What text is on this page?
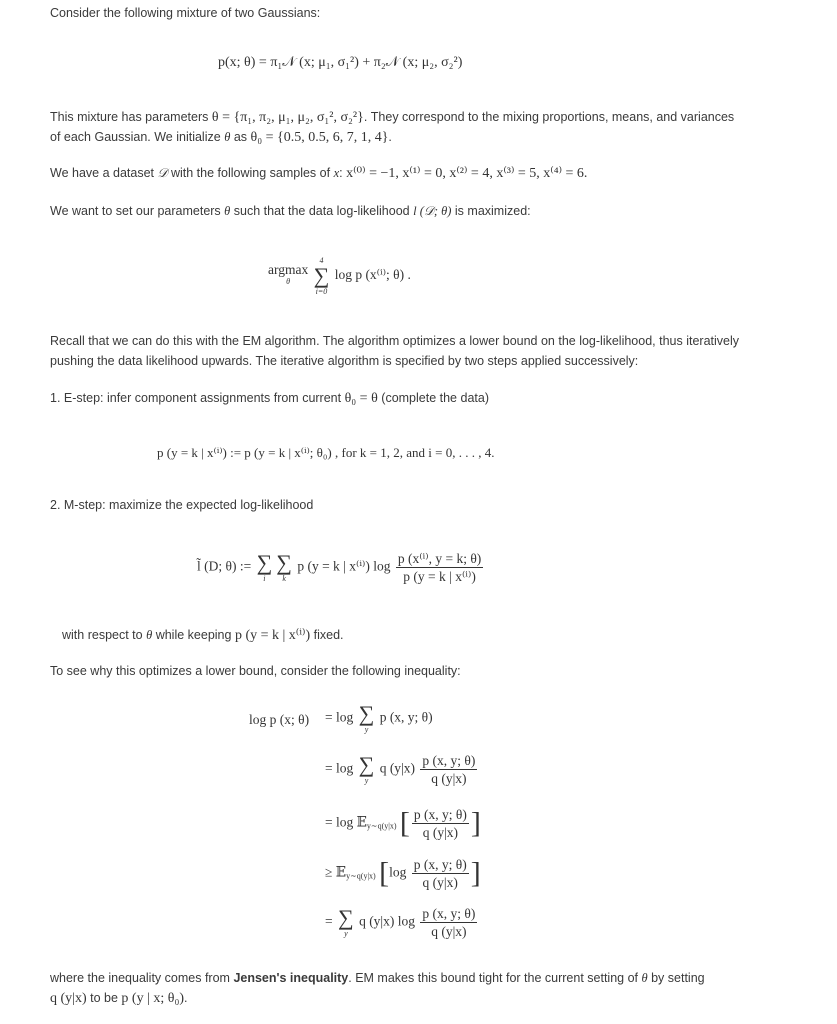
Consider the following mixture of two Gaussians:
p(x; θ) = π₁𝒩 (x; μ₁, σ₁²) + π₂𝒩 (x; μ₂, σ₂²)
This mixture has parameters θ = {π₁, π₂, μ₁, μ₂, σ₁², σ₂²}. They correspond to the mixing proportions, means, and variances
of each Gaussian. We initialize θ as θ₀ = {0.5, 0.5, 6, 7, 1, 4}.
We have a dataset 𝒟 with the following samples of x: x⁽⁰⁾ = −1, x⁽¹⁾ = 0, x⁽²⁾ = 4, x⁽³⁾ = 5, x⁽⁴⁾ = 6.
We want to set our parameters θ such that the data log-likelihood l (𝒟; θ) is maximized:
argmax
θ

4
∑
i=0
log p (x⁽ⁱ⁾; θ) .
Recall that we can do this with the EM algorithm. The algorithm optimizes a lower bound on the log-likelihood, thus iteratively
pushing the data likelihood upwards. The iterative algorithm is specified by two steps applied successively:
1. E-step: infer component assignments from current θ₀ = θ (complete the data)
p (y = k | x⁽ⁱ⁾) := p (y = k | x⁽ⁱ⁾; θ₀) , for k = 1, 2, and i = 0, . . . , 4.
2. M-step: maximize the expected log-likelihood
l̃ (D; θ) := ∑
i
∑
k
p (y = k | x⁽ⁱ⁾) $\log \frac{\text{p (x⁽ⁱ⁾, y = k; θ)}}{\text{p (y = k | x⁽ⁱ⁾)}}$
with respect to θ while keeping p (y = k | x⁽ⁱ⁾) fixed.
To see why this optimizes a lower bound, consider the following inequality:
log p (x; θ) = log ∑
y
p (x, y; θ)
= log ∑
y
q $(y|x) \frac{p (x, y; \theta)}{q (y|x)}$
= log 𝔼$_{y\sim q(y|x)}$ [ $\frac{p (x, y; \theta)}{q (y|x)}$ ]
≥ 𝔼$_{y\sim q(y|x)}$ [$\log \frac{p (x, y; \theta)}{q (y|x)}$ ]
= ∑
y
q (y|x) $\log \frac{p (x, y; \theta)}{q (y|x)}$
where the inequality comes from Jensen's inequality. EM makes this bound tight for the current setting of θ by setting
q (y|x) to be p (y | x; θ₀).
